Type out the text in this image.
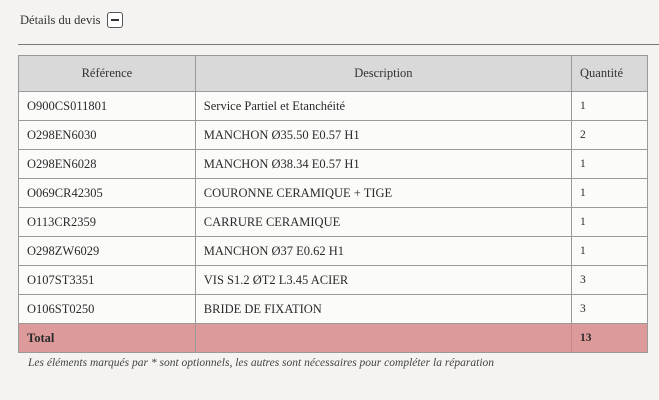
Détails du devis
Référence	Description	Quantité
O900CS011801	Service Partiel et Etanchéité	1
O298EN6030	MANCHON Ø35.50 E0.57 H1	2
O298EN6028	MANCHON Ø38.34 E0.57 H1	1
O069CR42305	COURONNE CERAMIQUE + TIGE	1
O113CR2359	CARRURE CERAMIQUE	1
O298ZW6029	MANCHON Ø37 E0.62 H1	1
O107ST3351	VIS S1.2 ØT2 L3.45 ACIER	3
O106ST0250	BRIDE DE FIXATION	3
Total		13
Les éléments marqués par * sont optionnels, les autres sont nécessaires pour compléter la réparation
